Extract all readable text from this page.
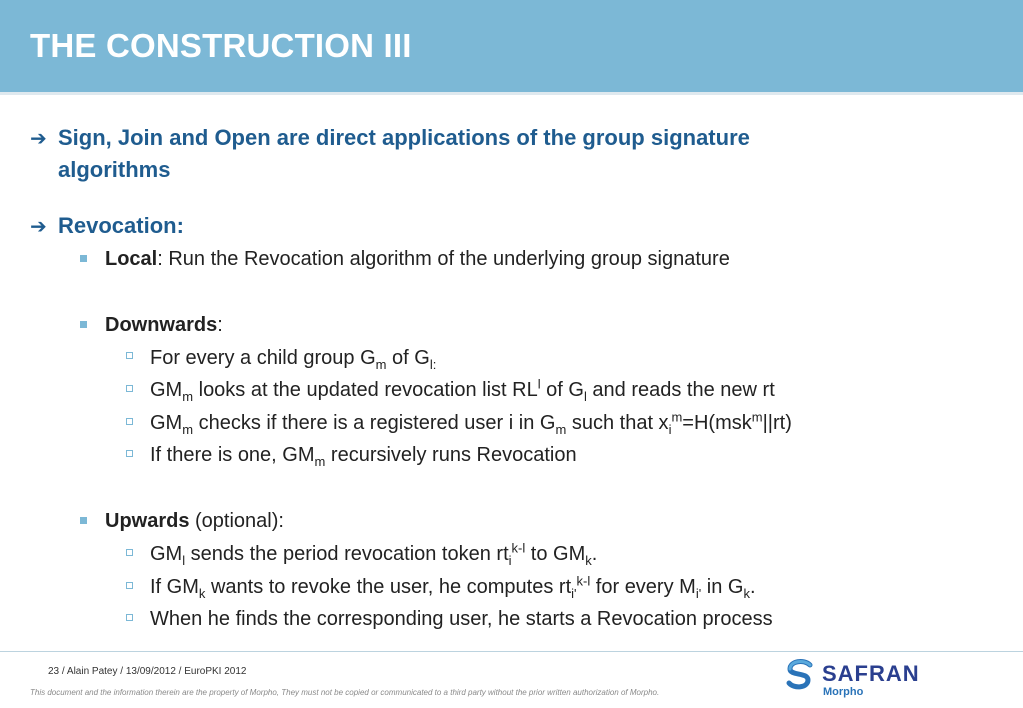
THE CONSTRUCTION III
➔ Sign, Join and Open are direct applications of the group signature
algorithms
➔ Revocation:
Local: Run the Revocation algorithm of the underlying group signature
Downwards:
For every a child group $G_m$ of $G_{l:}$
$GM_m$ looks at the updated revocation list $RL^l$ of $G_l$ and reads the new rt
$GM_m$ checks if there is a registered user i in $G_m$ such that $x_i^m=H(msk^m||rt)$
If there is one, $GM_m$ recursively runs Revocation
Upwards (optional):
$GM_l$ sends the period revocation token $rt_i^{k-l}$ to $GM_k$.
If $GM_k$ wants to revoke the user, he computes $rt_{i'}^{k-l}$ for every $M_{i'}$ in $G_k$.
When he finds the corresponding user, he starts a Revocation process
23 / Alain Patey / 13/09/2012 / EuroPKI 2012
This document and the information therein are the property of Morpho, They must not be copied or communicated to a third party without the prior written authorization of Morpho.
SAFRAN
Morpho
